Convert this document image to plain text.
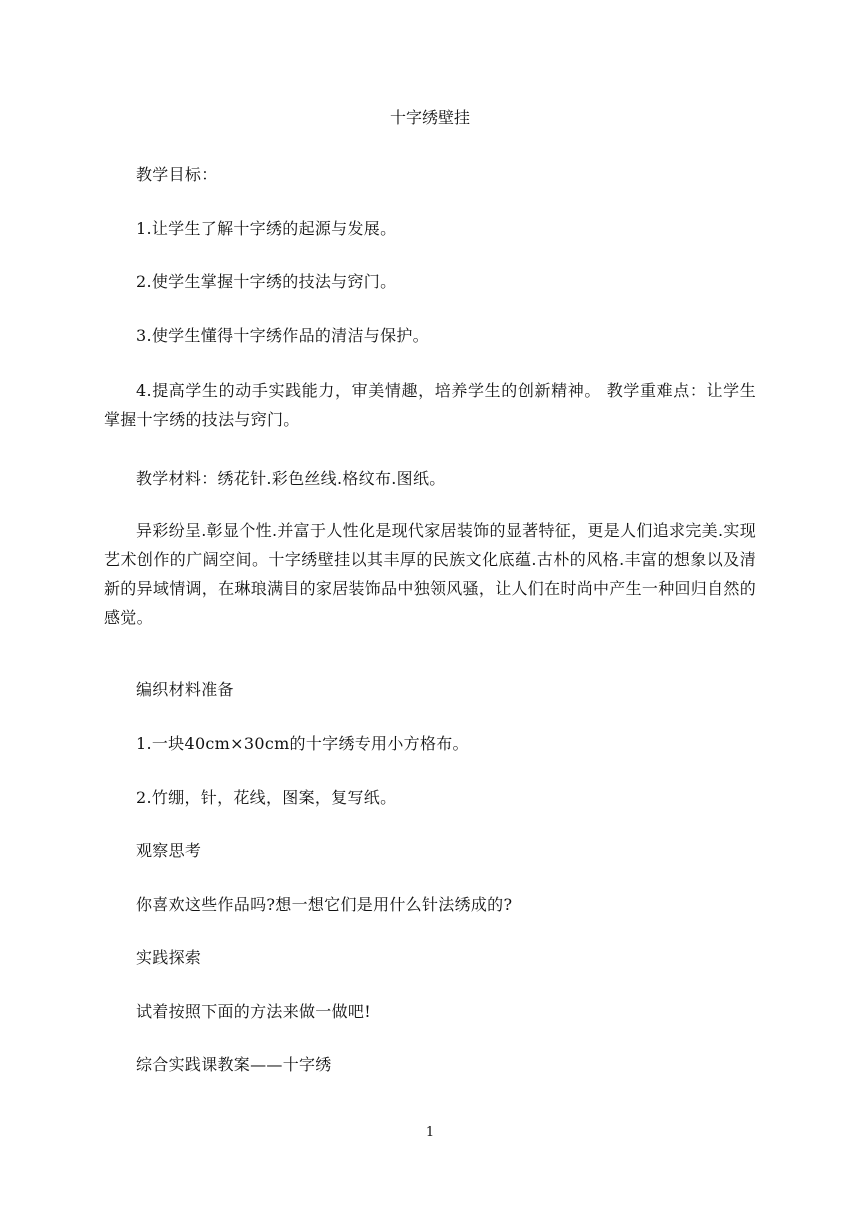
十字绣壁挂

教学目标：

1.让学生了解十字绣的起源与发展。

2.使学生掌握十字绣的技法与窍门。

3.使学生懂得十字绣作品的清洁与保护。

4.提高学生的动手实践能力，审美情趣，培养学生的创新精神。 教学重难点：让学生掌握十字绣的技法与窍门。

教学材料：绣花针.彩色丝线.格纹布.图纸。

异彩纷呈.彰显个性.并富于人性化是现代家居装饰的显著特征，更是人们追求完美.实现艺术创作的广阔空间。十字绣壁挂以其丰厚的民族文化底蕴.古朴的风格.丰富的想象以及清新的异域情调，在琳琅满目的家居装饰品中独领风骚，让人们在时尚中产生一种回归自然的感觉。

编织材料准备

1.一块40cm×30cm的十字绣专用小方格布。

2.竹绷，针，花线，图案，复写纸。

观察思考

你喜欢这些作品吗?想一想它们是用什么针法绣成的?

实践探索

试着按照下面的方法来做一做吧!

综合实践课教案——十字绣

1
